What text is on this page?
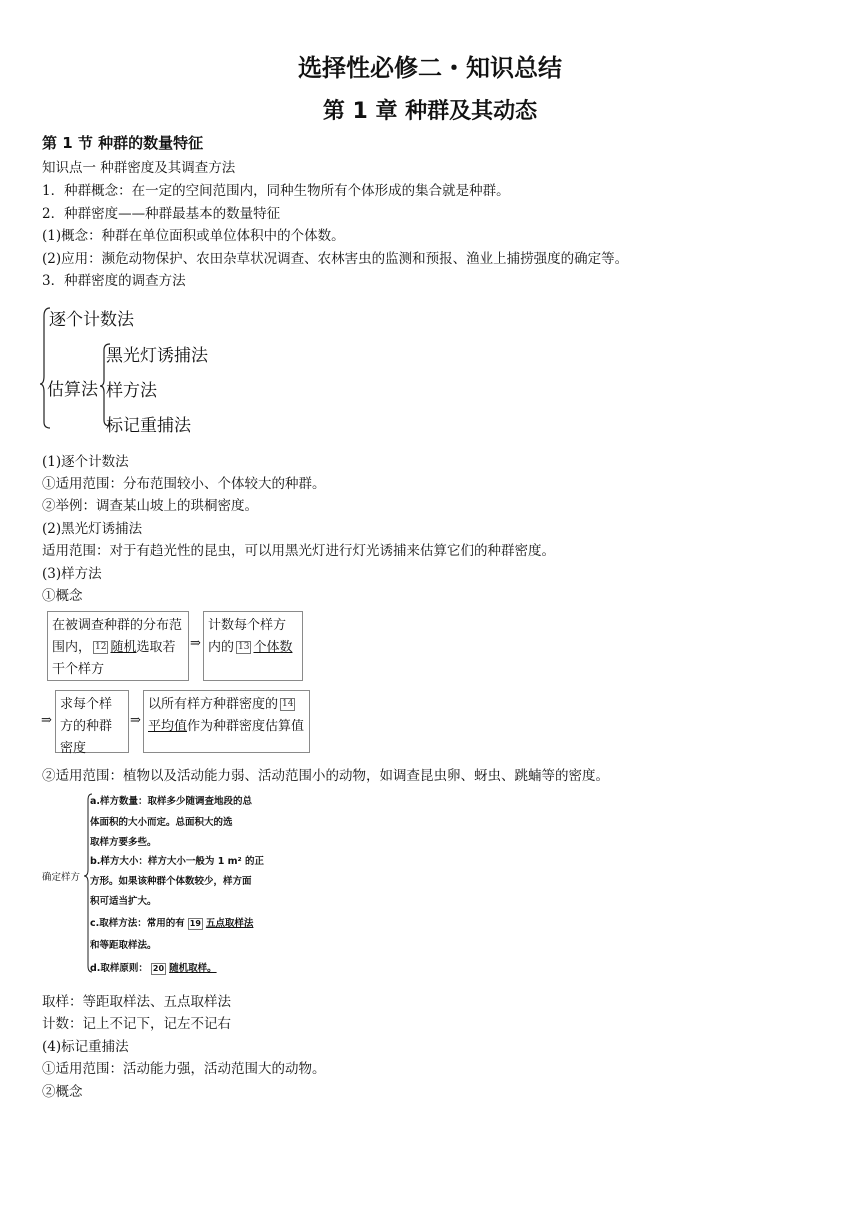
选择性必修二・知识总结
第 1 章 种群及其动态
第 1 节 种群的数量特征
知识点一 种群密度及其调查方法
1．种群概念：在一定的空间范围内，同种生物所有个体形成的集合就是种群。
2．种群密度——种群最基本的数量特征
(1)概念：种群在单位面积或单位体积中的个体数。
(2)应用：濒危动物保护、农田杂草状况调查、农林害虫的监测和预报、渔业上捕捞强度的确定等。
3．种群密度的调查方法
逐个计数法
估算法
黑光灯诱捕法
样方法
标记重捕法
(1)逐个计数法
①适用范围：分布范围较小、个体较大的种群。
②举例：调查某山坡上的珙桐密度。
(2)黑光灯诱捕法
适用范围：对于有趋光性的昆虫，可以用黑光灯进行灯光诱捕来估算它们的种群密度。
(3)样方法
①概念
在被调查种群的分布范围内， 12 随机选取若干个样方
⇒
计数每个样方内的 13 个体数
⇒
求每个样方的种群密度
⇒
以所有样方种群密度的 14平均值作为种群密度估算值
②适用范围：植物以及活动能力弱、活动范围小的动物，如调查昆虫卵、蚜虫、跳蝻等的密度。
确定样方
a.样方数量：取样多少随调查地段的总
体面积的大小而定。总面积大的选
取样方要多些。
b.样方大小：样方大小一般为 1 m² 的正
方形。如果该种群个体数较少，样方面
积可适当扩大。
c.取样方法：常用的有 19 五点取样法
和等距取样法。
d.取样原则： 20 随机取样。
取样：等距取样法、五点取样法
计数：记上不记下，记左不记右
(4)标记重捕法
①适用范围：活动能力强，活动范围大的动物。
②概念
